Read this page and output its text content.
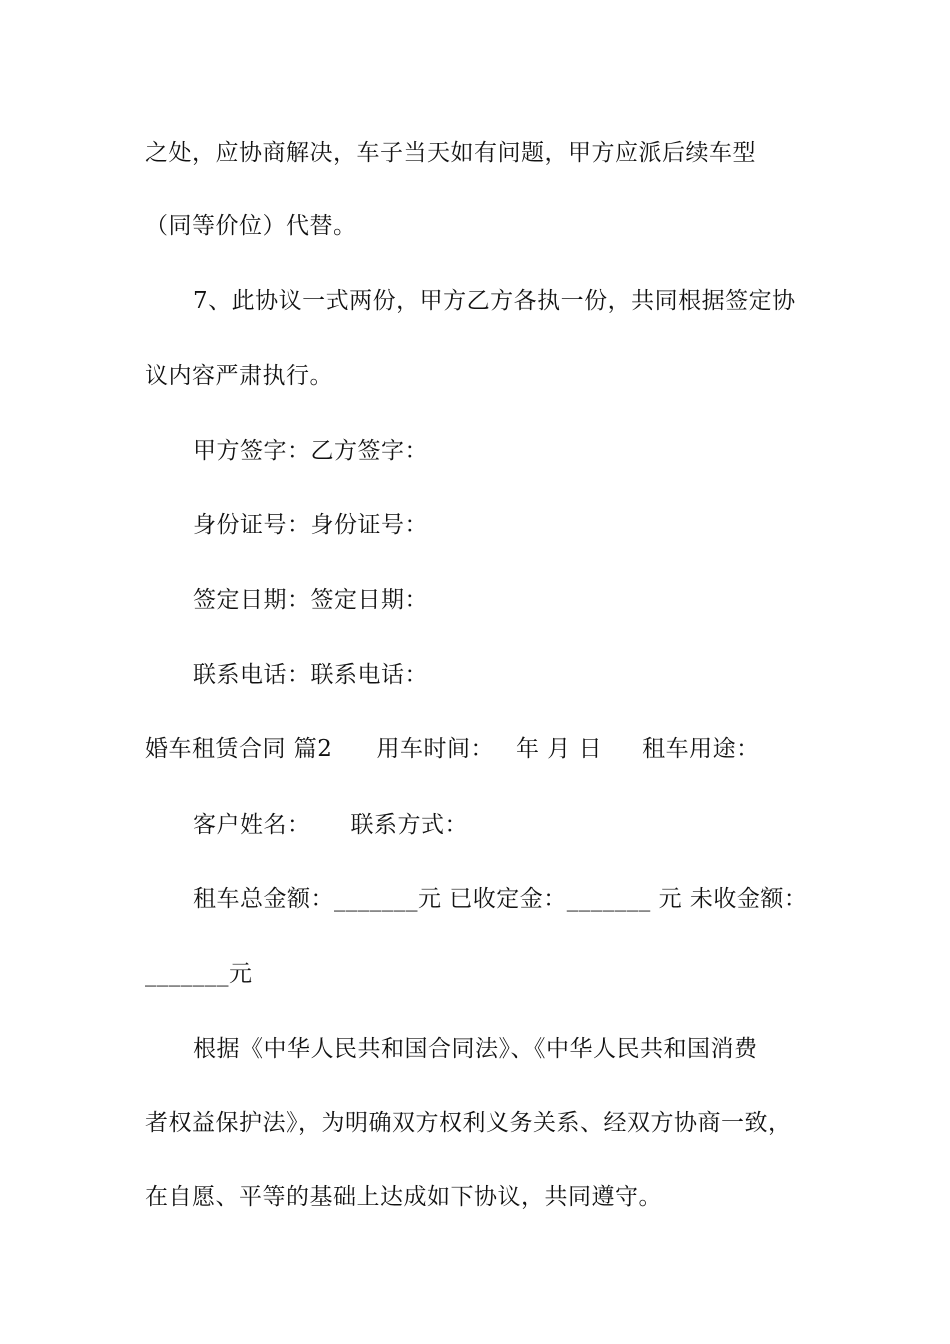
之处，应协商解决，车子当天如有问题，甲方应派后续车型
（同等价位）代替。
7、此协议一式两份，甲方乙方各执一份，共同根据签定协
议内容严肃执行。
甲方签字：乙方签字：
身份证号：身份证号：
签定日期：签定日期：
联系电话：联系电话：
婚车租赁合同 篇2 用车时间： 年 月 日 租车用途：
客户姓名： 联系方式：
租车总金额：_______元 已收定金：_______ 元 未收金额：
_______元
根据《中华人民共和国合同法》、《中华人民共和国消费
者权益保护法》，为明确双方权利义务关系、经双方协商一致，
在自愿、平等的基础上达成如下协议，共同遵守。
